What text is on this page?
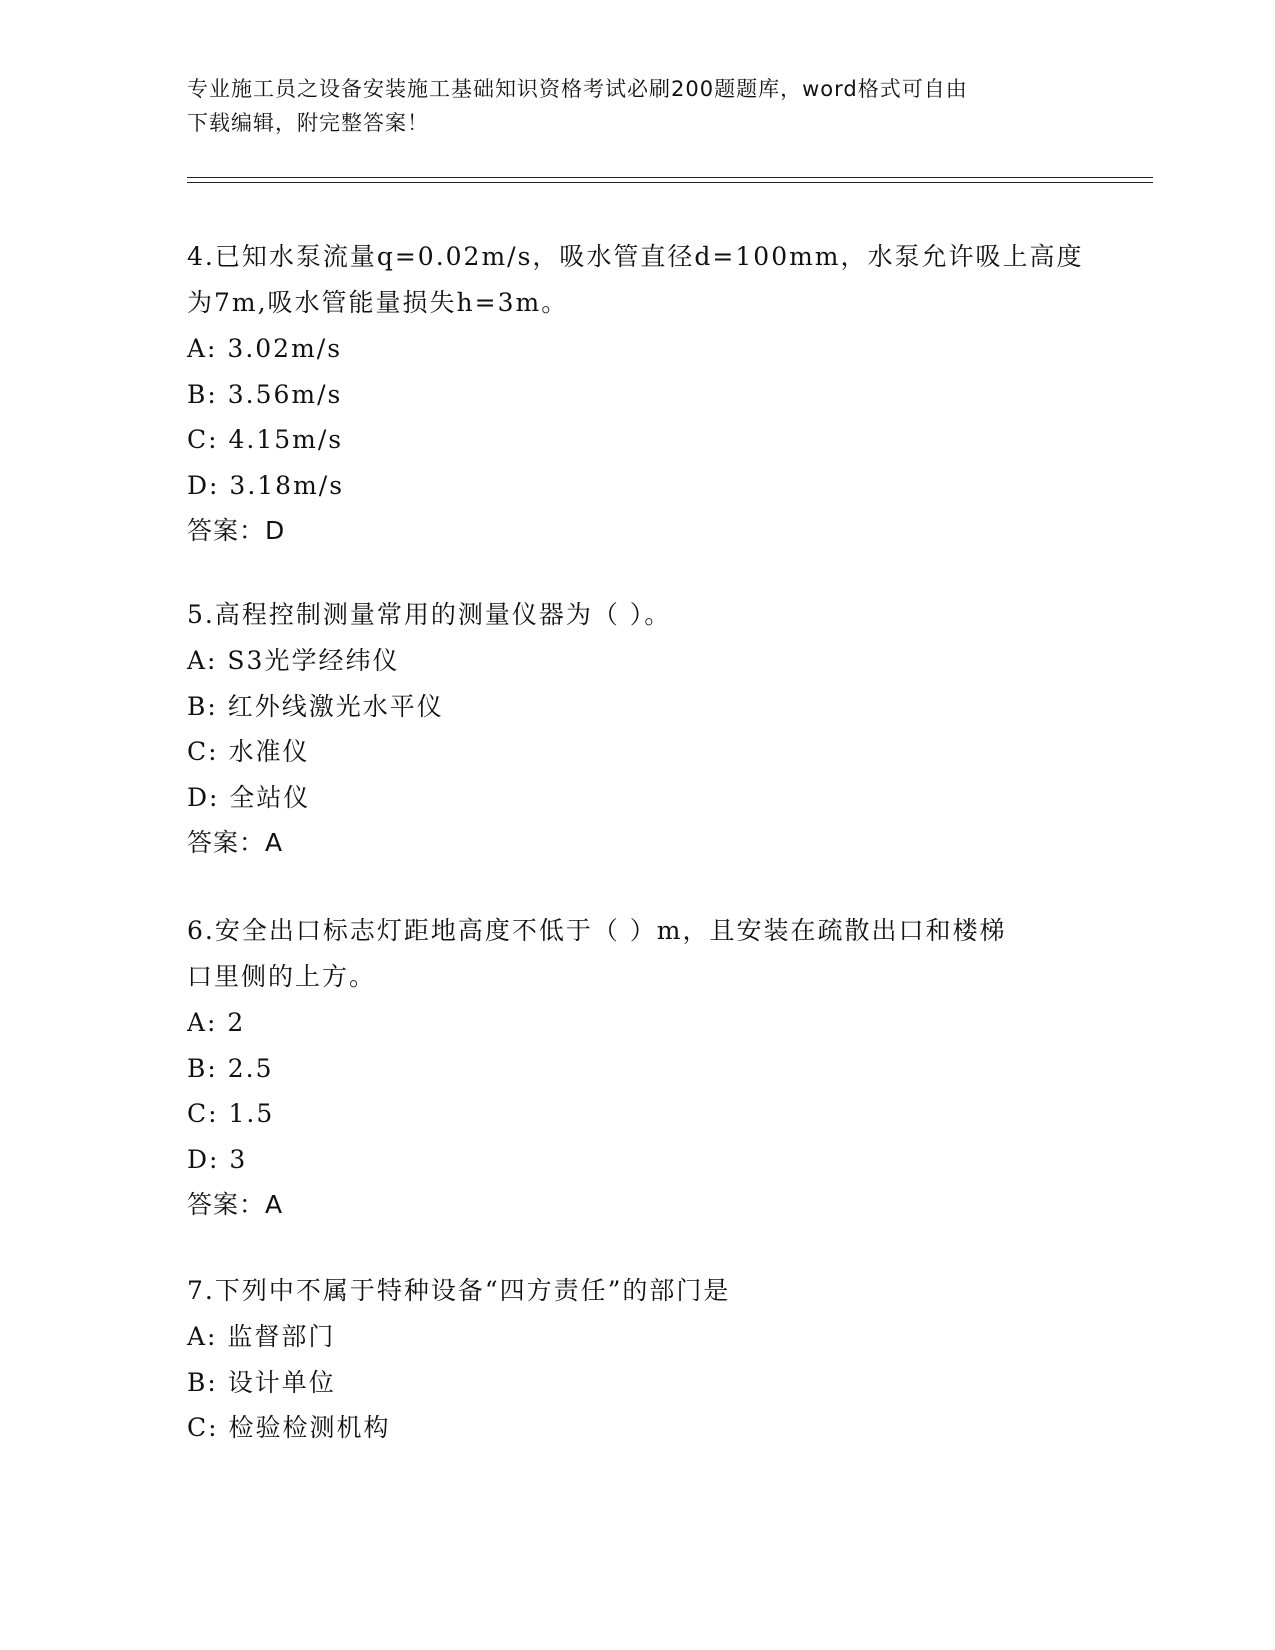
专业施工员之设备安装施工基础知识资格考试必刷200题题库，word格式可自由
下载编辑，附完整答案！

4.已知水泵流量q=0.02m/s，吸水管直径d=100mm，水泵允许吸上高度

为7m,吸水管能量损失h=3m。

A: 3.02m/s

B: 3.56m/s

C: 4.15m/s

D: 3.18m/s

答案：D

5.高程控制测量常用的测量仪器为（ ）。

A: S3光学经纬仪

B: 红外线激光水平仪

C: 水准仪

D: 全站仪

答案：A

6.安全出口标志灯距地高度不低于（ ）m，且安装在疏散出口和楼梯

口里侧的上方。

A: 2

B: 2.5

C: 1.5

D: 3

答案：A

7.下列中不属于特种设备“四方责任”的部门是

A: 监督部门

B: 设计单位

C: 检验检测机构
